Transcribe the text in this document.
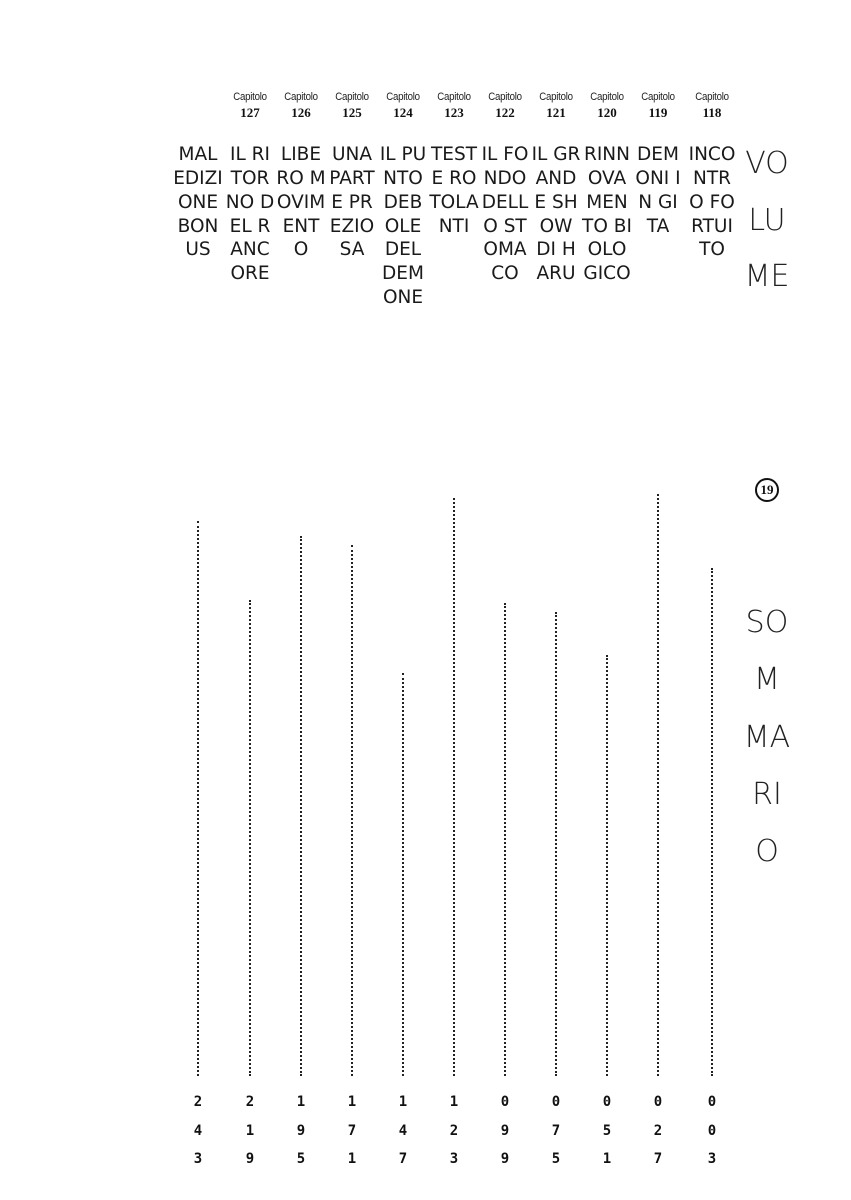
VOLUME
19
SOMMARIO
Capitolo
118
INCONTRO FORTUITO
003
Capitolo
119
DEMONI IN GITA
027
Capitolo
120
RINNOVAMENTO BIOLOGICO
051
Capitolo
121
IL GRANDE SHOW DI HARU
075
Capitolo
122
IL FONDO DELLO STOMACO
099
Capitolo
123
TESTE ROTOLANTI
123
Capitolo
124
IL PUNTO DEBOLE DEL DEMONE
147
Capitolo
125
UNA PARTE PREZIOSA
171
Capitolo
126
LIBERO MOVIMENTO
195
Capitolo
127
IL RITORNO DEL RANCORE
219
MALEDIZIONE BONUS
243
